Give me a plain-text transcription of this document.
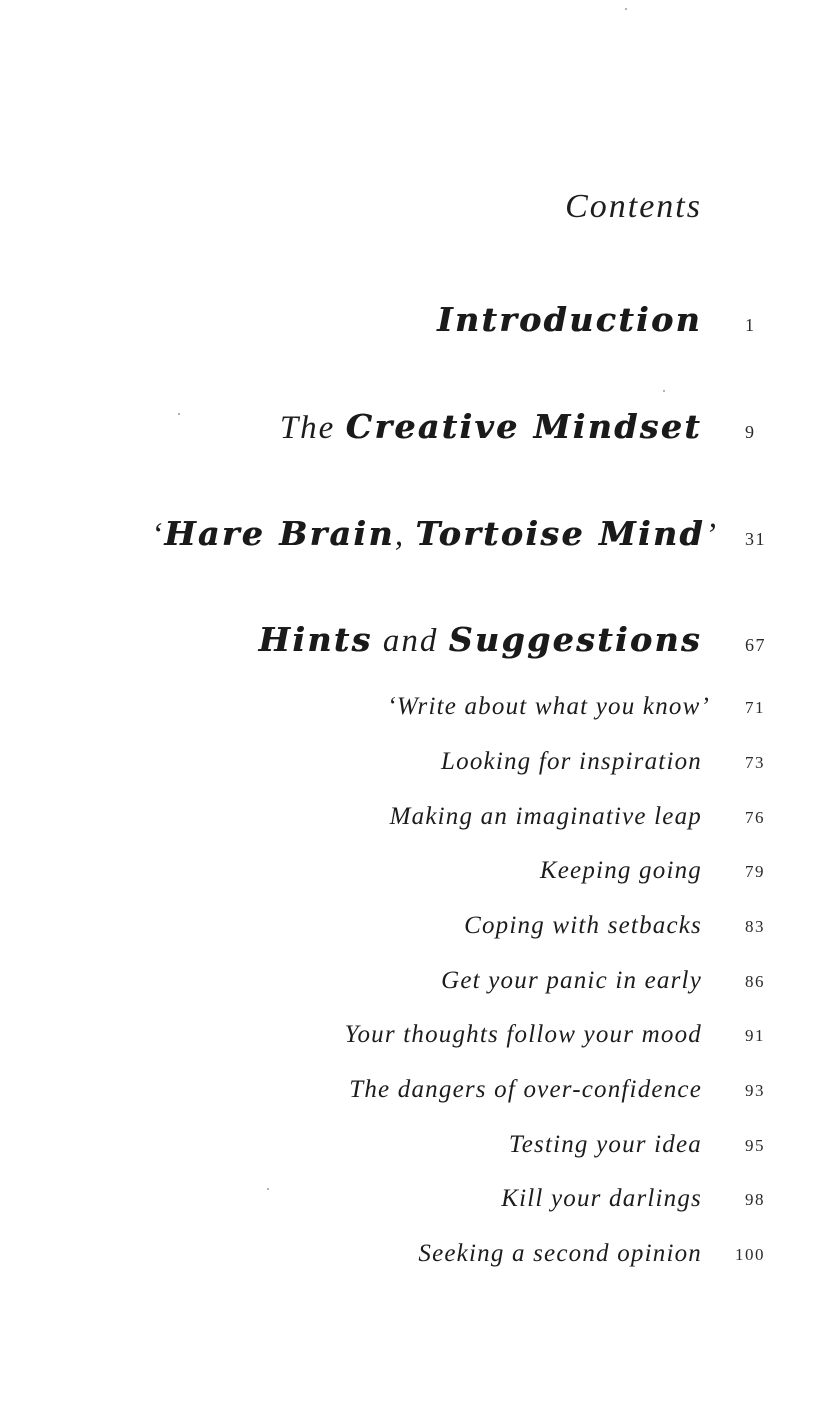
Contents
Introduction 1
The Creative Mindset 9
‘Hare Brain, Tortoise Mind’ 31
Hints and Suggestions 67
‘Write about what you know’ 71
Looking for inspiration	73
Making an imaginative leap	76
Keeping going	79
Coping with setbacks	83
Get your panic in early	86
Your thoughts follow your mood	91
The dangers of over-confidence	93
Testing your idea	95
Kill your darlings	98
Seeking a second opinion 100
